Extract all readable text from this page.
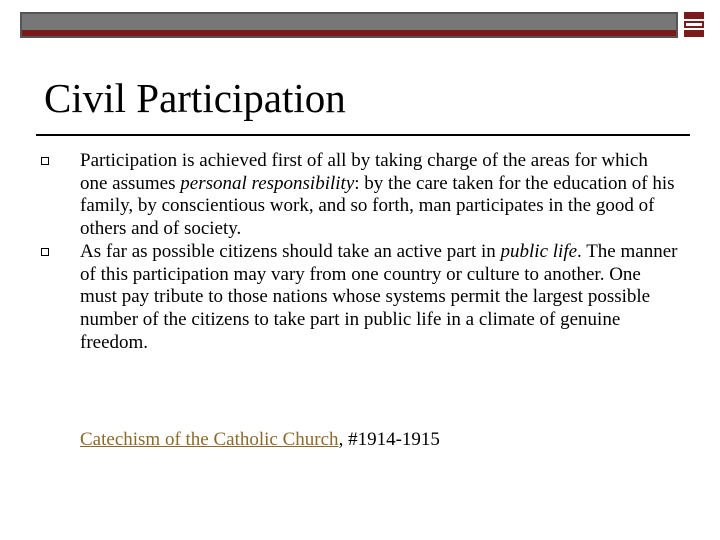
Civil Participation
Participation is achieved first of all by taking charge of the areas for which one assumes personal responsibility: by the care taken for the education of his family, by conscientious work, and so forth, man participates in the good of others and of society.
As far as possible citizens should take an active part in public life. The manner of this participation may vary from one country or culture to another. One must pay tribute to those nations whose systems permit the largest possible number of the citizens to take part in public life in a climate of genuine freedom.
Catechism of the Catholic Church, #1914-1915
